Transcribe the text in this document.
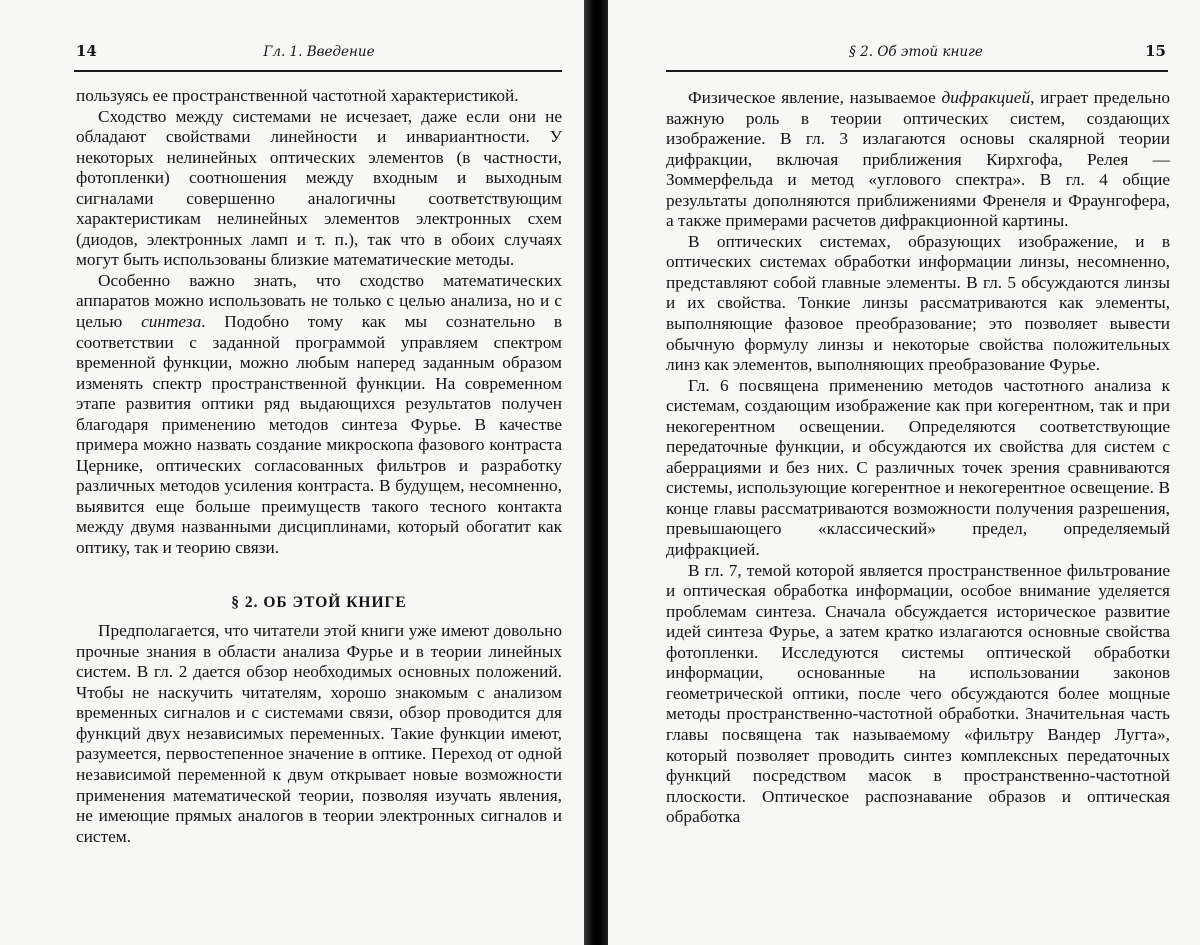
14	Гл. 1. Введение

пользуясь ее пространственной частотной характеристикой.

Сходство между системами не исчезает, даже если они не обладают свойствами линейности и инвариантности. У некоторых нелинейных оптических элементов (в частности, фотопленки) соотношения между входным и выходным сигналами совершенно аналогичны соответствующим характеристикам нелинейных элементов электронных схем (диодов, электронных ламп и т. п.), так что в обоих случаях могут быть использованы близкие математические методы.

Особенно важно знать, что сходство математических аппаратов можно использовать не только с целью анализа, но и с целью синтеза. Подобно тому как мы сознательно в соответствии с заданной программой управляем спектром временной функции, можно любым наперед заданным образом изменять спектр пространственной функции. На современном этапе развития оптики ряд выдающихся результатов получен благодаря применению методов синтеза Фурье. В качестве примера можно назвать создание микроскопа фазового контраста Цернике, оптических согласованных фильтров и разработку различных методов усиления контраста. В будущем, несомненно, выявится еще больше преимуществ такого тесного контакта между двумя названными дисциплинами, который обогатит как оптику, так и теорию связи.

§ 2. ОБ ЭТОЙ КНИГЕ

Предполагается, что читатели этой книги уже имеют довольно прочные знания в области анализа Фурье и в теории линейных систем. В гл. 2 дается обзор необходимых основных положений. Чтобы не наскучить читателям, хорошо знакомым с анализом временных сигналов и с системами связи, обзор проводится для функций двух независимых переменных. Такие функции имеют, разумеется, первостепенное значение в оптике. Переход от одной независимой переменной к двум открывает новые возможности применения математической теории, позволяя изучать явления, не имеющие прямых аналогов в теории электронных сигналов и систем.

§ 2. Об этой книге	15

Физическое явление, называемое дифракцией, играет предельно важную роль в теории оптических систем, создающих изображение. В гл. 3 излагаются основы скалярной теории дифракции, включая приближения Кирхгофа, Релея — Зоммерфельда и метод «углового спектра». В гл. 4 общие результаты дополняются приближениями Френеля и Фраунгофера, а также примерами расчетов дифракционной картины.

В оптических системах, образующих изображение, и в оптических системах обработки информации линзы, несомненно, представляют собой главные элементы. В гл. 5 обсуждаются линзы и их свойства. Тонкие линзы рассматриваются как элементы, выполняющие фазовое преобразование; это позволяет вывести обычную формулу линзы и некоторые свойства положительных линз как элементов, выполняющих преобразование Фурье.

Гл. 6 посвящена применению методов частотного анализа к системам, создающим изображение как при когерентном, так и при некогерентном освещении. Определяются соответствующие передаточные функции, и обсуждаются их свойства для систем с аберрациями и без них. С различных точек зрения сравниваются системы, использующие когерентное и некогерентное освещение. В конце главы рассматриваются возможности получения разрешения, превышающего «классический» предел, определяемый дифракцией.

В гл. 7, темой которой является пространственное фильтрование и оптическая обработка информации, особое внимание уделяется проблемам синтеза. Сначала обсуждается историческое развитие идей синтеза Фурье, а затем кратко излагаются основные свойства фотопленки. Исследуются системы оптической обработки информации, основанные на использовании законов геометрической оптики, после чего обсуждаются более мощные методы пространственно-частотной обработки. Значительная часть главы посвящена так называемому «фильтру Вандер Лугта», который позволяет проводить синтез комплексных передаточных функций посредством масок в пространственно-частотной плоскости. Оптическое распознавание образов и оптическая обработка
